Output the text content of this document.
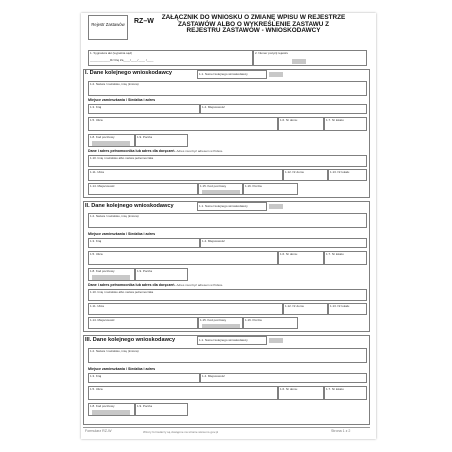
Rejestr Zastawów RZ–W
ZAŁĄCZNIK DO WNIOSKU O ZMIANĘ WPISU W REJESTRZE ZASTAWÓW ALBO O WYKREŚLENIE ZASTAWU Z REJESTRU ZASTAWÓW - WNIOSKODAWCY
1. Sygnatura akt (wypełnia sąd)
____________Rz Rej Za____/____/____ /____
2. Numer pozycji rejestru
I. Dane kolejnego wnioskodawcy	1.1. Numer kolejnego wnioskodawcy
1.2. Nazwa / nazwisko, imię (imiona)
Miejsce zamieszkania / Siedziba i adres
1.3. Kraj	1.4. Miejscowość
1.5. Ulica	1.6. Nr domu	1.7. Nr lokalu
1.8. Kod pocztowy	1.9. Poczta
Dane i adres pełnomocnika lub adres dla doręczeń. Adres musi być adresem w Polsce.
1.10. Imię i nazwisko albo nazwa pełnomocnika
1.11. Ulica	1.12. Nr domu	1.13. Nr lokalu
1.14. Miejscowość	1.15. Kod pocztowy	1.16. Poczta
II. Dane kolejnego wnioskodawcy	1.1. Numer kolejnego wnioskodawcy
1.2. Nazwa / nazwisko, imię (imiona)
Miejsce zamieszkania / Siedziba i adres
1.3. Kraj	1.4. Miejscowość
1.5. Ulica	1.6. Nr domu	1.7. Nr lokalu
1.8. Kod pocztowy	1.9. Poczta
Dane i adres pełnomocnika lub adres dla doręczeń. Adres musi być adresem w Polsce.
1.10. Imię i nazwisko albo nazwa pełnomocnika
1.11. Ulica	1.12. Nr domu	1.13. Nr lokalu
1.14. Miejscowość	1.15. Kod pocztowy	1.16. Poczta
III. Dane kolejnego wnioskodawcy	1.1. Numer kolejnego wnioskodawcy
1.2. Nazwa / nazwisko, imię (imiona)
Miejsce zamieszkania / Siedziba i adres
1.3. Kraj	1.4. Miejscowość
1.5. Ulica	1.6. Nr domu	1.7. Nr lokalu
1.8. Kod pocztowy	1.9. Poczta
Formularz RZ-W	Wzory formularzy są dostępne na stronie www.ms.gov.pl	Strona 1 z 2
